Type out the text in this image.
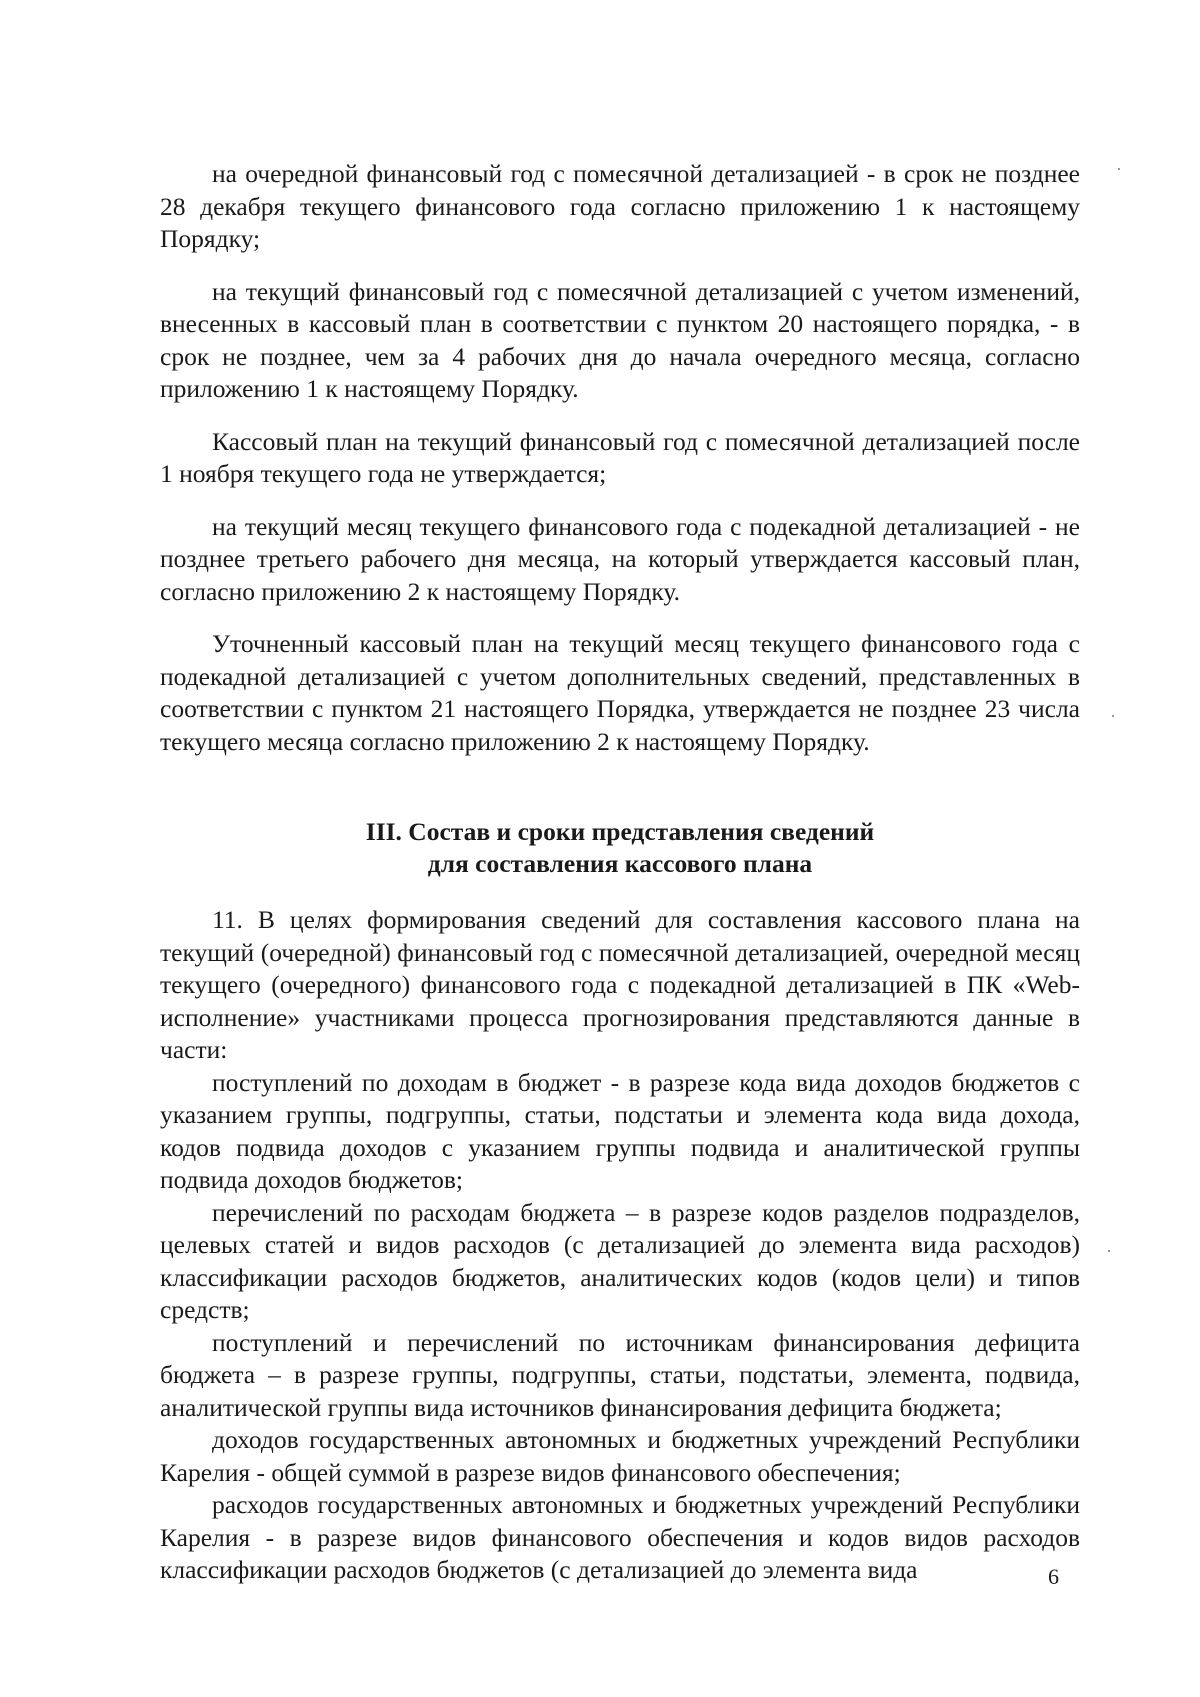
на очередной финансовый год с помесячной детализацией - в срок не позднее 28 декабря текущего финансового года согласно приложению 1 к настоящему Порядку;

на текущий финансовый год с помесячной детализацией с учетом изменений, внесенных в кассовый план в соответствии с пунктом 20 настоящего порядка, - в срок не позднее, чем за 4 рабочих дня до начала очередного месяца, согласно приложению 1 к настоящему Порядку.

Кассовый план на текущий финансовый год с помесячной детализацией после 1 ноября текущего года не утверждается;

на текущий месяц текущего финансового года с подекадной детализацией - не позднее третьего рабочего дня месяца, на который утверждается кассовый план, согласно приложению 2 к настоящему Порядку.

Уточненный кассовый план на текущий месяц текущего финансового года с подекадной детализацией с учетом дополнительных сведений, представленных в соответствии с пунктом 21 настоящего Порядка, утверждается не позднее 23 числа текущего месяца согласно приложению 2 к настоящему Порядку.

III. Состав и сроки представления сведений
для составления кассового плана

11. В целях формирования сведений для составления кассового плана на текущий (очередной) финансовый год с помесячной детализацией, очередной месяц текущего (очередного) финансового года с подекадной детализацией в ПК «Web-исполнение» участниками процесса прогнозирования представляются данные в части:

поступлений по доходам в бюджет - в разрезе кода вида доходов бюджетов с указанием группы, подгруппы, статьи, подстатьи и элемента кода вида дохода, кодов подвида доходов с указанием группы подвида и аналитической группы подвида доходов бюджетов;

перечислений по расходам бюджета – в разрезе кодов разделов подразделов, целевых статей и видов расходов (с детализацией до элемента вида расходов) классификации расходов бюджетов, аналитических кодов (кодов цели) и типов средств;

поступлений и перечислений по источникам финансирования дефицита бюджета – в разрезе группы, подгруппы, статьи, подстатьи, элемента, подвида, аналитической группы вида источников финансирования дефицита бюджета;

доходов государственных автономных и бюджетных учреждений Республики Карелия - общей суммой в разрезе видов финансового обеспечения;

расходов государственных автономных и бюджетных учреждений Республики Карелия - в разрезе видов финансового обеспечения и кодов видов расходов классификации расходов бюджетов (с детализацией до элемента вида	6
